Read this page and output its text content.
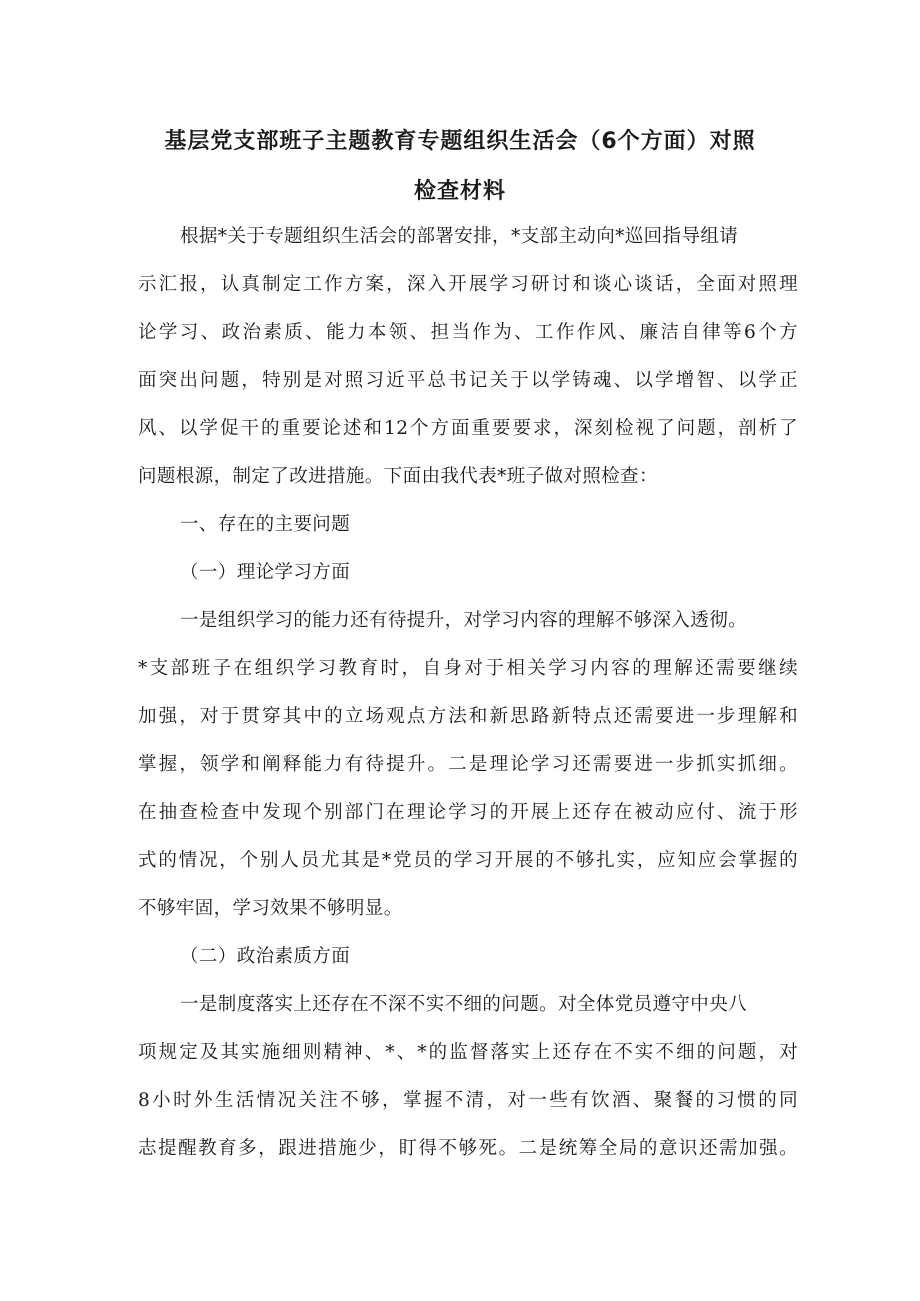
基层党支部班子主题教育专题组织生活会（6个方面）对照
检查材料
根据*关于专题组织生活会的部署安排，*支部主动向*巡回指导组请
示汇报，认真制定工作方案，深入开展学习研讨和谈心谈话，全面对照理
论学习、政治素质、能力本领、担当作为、工作作风、廉洁自律等6个方
面突出问题，特别是对照习近平总书记关于以学铸魂、以学增智、以学正
风、以学促干的重要论述和12个方面重要要求，深刻检视了问题，剖析了
问题根源，制定了改进措施。下面由我代表*班子做对照检查：
一、存在的主要问题
（一）理论学习方面
一是组织学习的能力还有待提升，对学习内容的理解不够深入透彻。
*支部班子在组织学习教育时，自身对于相关学习内容的理解还需要继续
加强，对于贯穿其中的立场观点方法和新思路新特点还需要进一步理解和
掌握，领学和阐释能力有待提升。二是理论学习还需要进一步抓实抓细。
在抽查检查中发现个别部门在理论学习的开展上还存在被动应付、流于形
式的情况，个别人员尤其是*党员的学习开展的不够扎实，应知应会掌握的
不够牢固，学习效果不够明显。
（二）政治素质方面
一是制度落实上还存在不深不实不细的问题。对全体党员遵守中央八
项规定及其实施细则精神、*、*的监督落实上还存在不实不细的问题，对
8小时外生活情况关注不够，掌握不清，对一些有饮酒、聚餐的习惯的同
志提醒教育多，跟进措施少，盯得不够死。二是统筹全局的意识还需加强。
